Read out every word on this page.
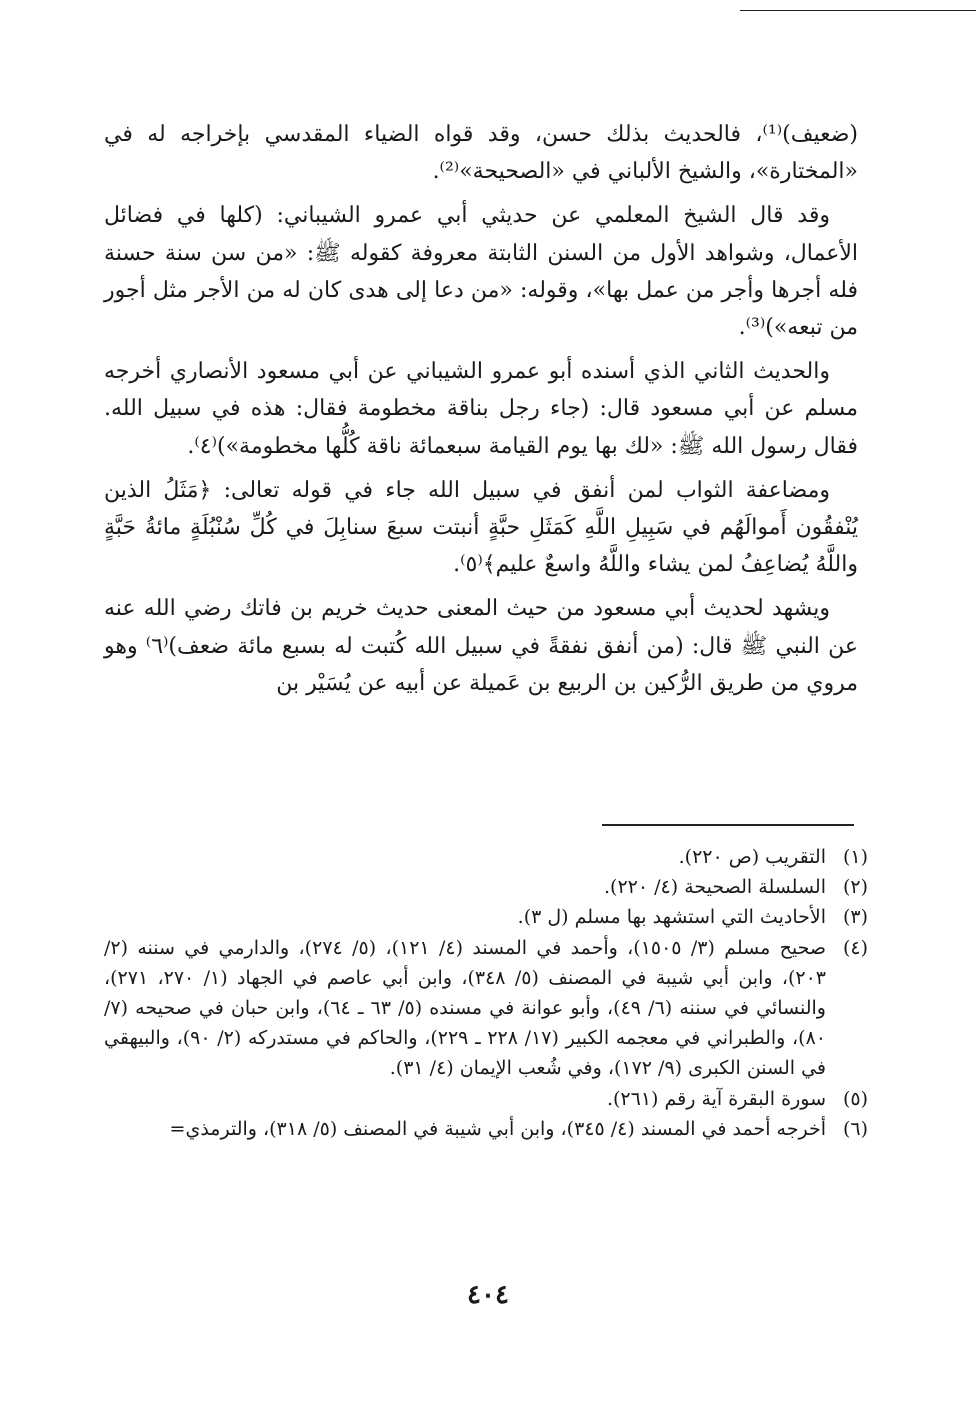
(ضعيف)⁽¹⁾، فالحديث بذلك حسن، وقد قواه الضياء المقدسي بإخراجه له في «المختارة»، والشيخ الألباني في «الصحيحة»⁽²⁾.

وقد قال الشيخ المعلمي عن حديثي أبي عمرو الشيباني: (كلها في فضائل الأعمال، وشواهد الأول من السنن الثابتة معروفة كقوله ﷺ: «من سن سنة حسنة فله أجرها وأجر من عمل بها»، وقوله: «من دعا إلى هدى كان له من الأجر مثل أجور من تبعه»)⁽³⁾.

والحديث الثاني الذي أسنده أبو عمرو الشيباني عن أبي مسعود الأنصاري أخرجه مسلم عن أبي مسعود قال: (جاء رجل بناقة مخطومة فقال: هذه في سبيل الله. فقال رسول الله ﷺ: «لك بها يوم القيامة سبعمائة ناقة كُلُّها مخطومة»)⁽٤⁾.

ومضاعفة الثواب لمن أنفق في سبيل الله جاء في قوله تعالى: ﴿مَثَلُ الذين يُنْفقُون أَموالَهُم في سَبِيلِ اللَّهِ كَمَثَلِ حبَّةٍ أنبتت سبعَ سنابِلَ في كُلِّ سُنْبُلَةٍ مائةُ حَبَّةٍ واللَّهُ يُضاعِفُ لمن يشاء واللَّهُ واسعٌ عليم﴾⁽٥⁾.

ويشهد لحديث أبي مسعود من حيث المعنى حديث خريم بن فاتك رضي الله عنه عن النبي ﷺ قال: (من أنفق نفقةً في سبيل الله كُتبت له بسبع مائة ضعف)⁽٦⁾ وهو مروي من طريق الرُّكين بن الربيع بن عَميلة عن أبيه عن يُسَيْر بن

(١)
التقريب (ص ٢٢٠).
(٢)
السلسلة الصحيحة (٤/ ٢٢٠).
(٣)
الأحاديث التي استشهد بها مسلم (ل ٣).
(٤)
صحيح مسلم (٣/ ١٥٠٥)، وأحمد في المسند (٤/ ١٢١)، (٥/ ٢٧٤)، والدارمي في سننه (٢/ ٢٠٣)، وابن أبي شيبة في المصنف (٥/ ٣٤٨)، وابن أبي عاصم في الجهاد (١/ ٢٧٠، ٢٧١)، والنسائي في سننه (٦/ ٤٩)، وأبو عوانة في مسنده (٥/ ٦٣ ـ ٦٤)، وابن حبان في صحيحه (٧/ ٨٠)، والطبراني في معجمه الكبير (١٧/ ٢٢٨ ـ ٢٢٩)، والحاكم في مستدركه (٢/ ٩٠)، والبيهقي في السنن الكبرى (٩/ ١٧٢)، وفي شُعب الإيمان (٤/ ٣١).
(٥)
سورة البقرة آية رقم (٢٦١).
(٦)
أخرجه أحمد في المسند (٤/ ٣٤٥)، وابن أبي شيبة في المصنف (٥/ ٣١٨)، والترمذي=
٤٠٤
